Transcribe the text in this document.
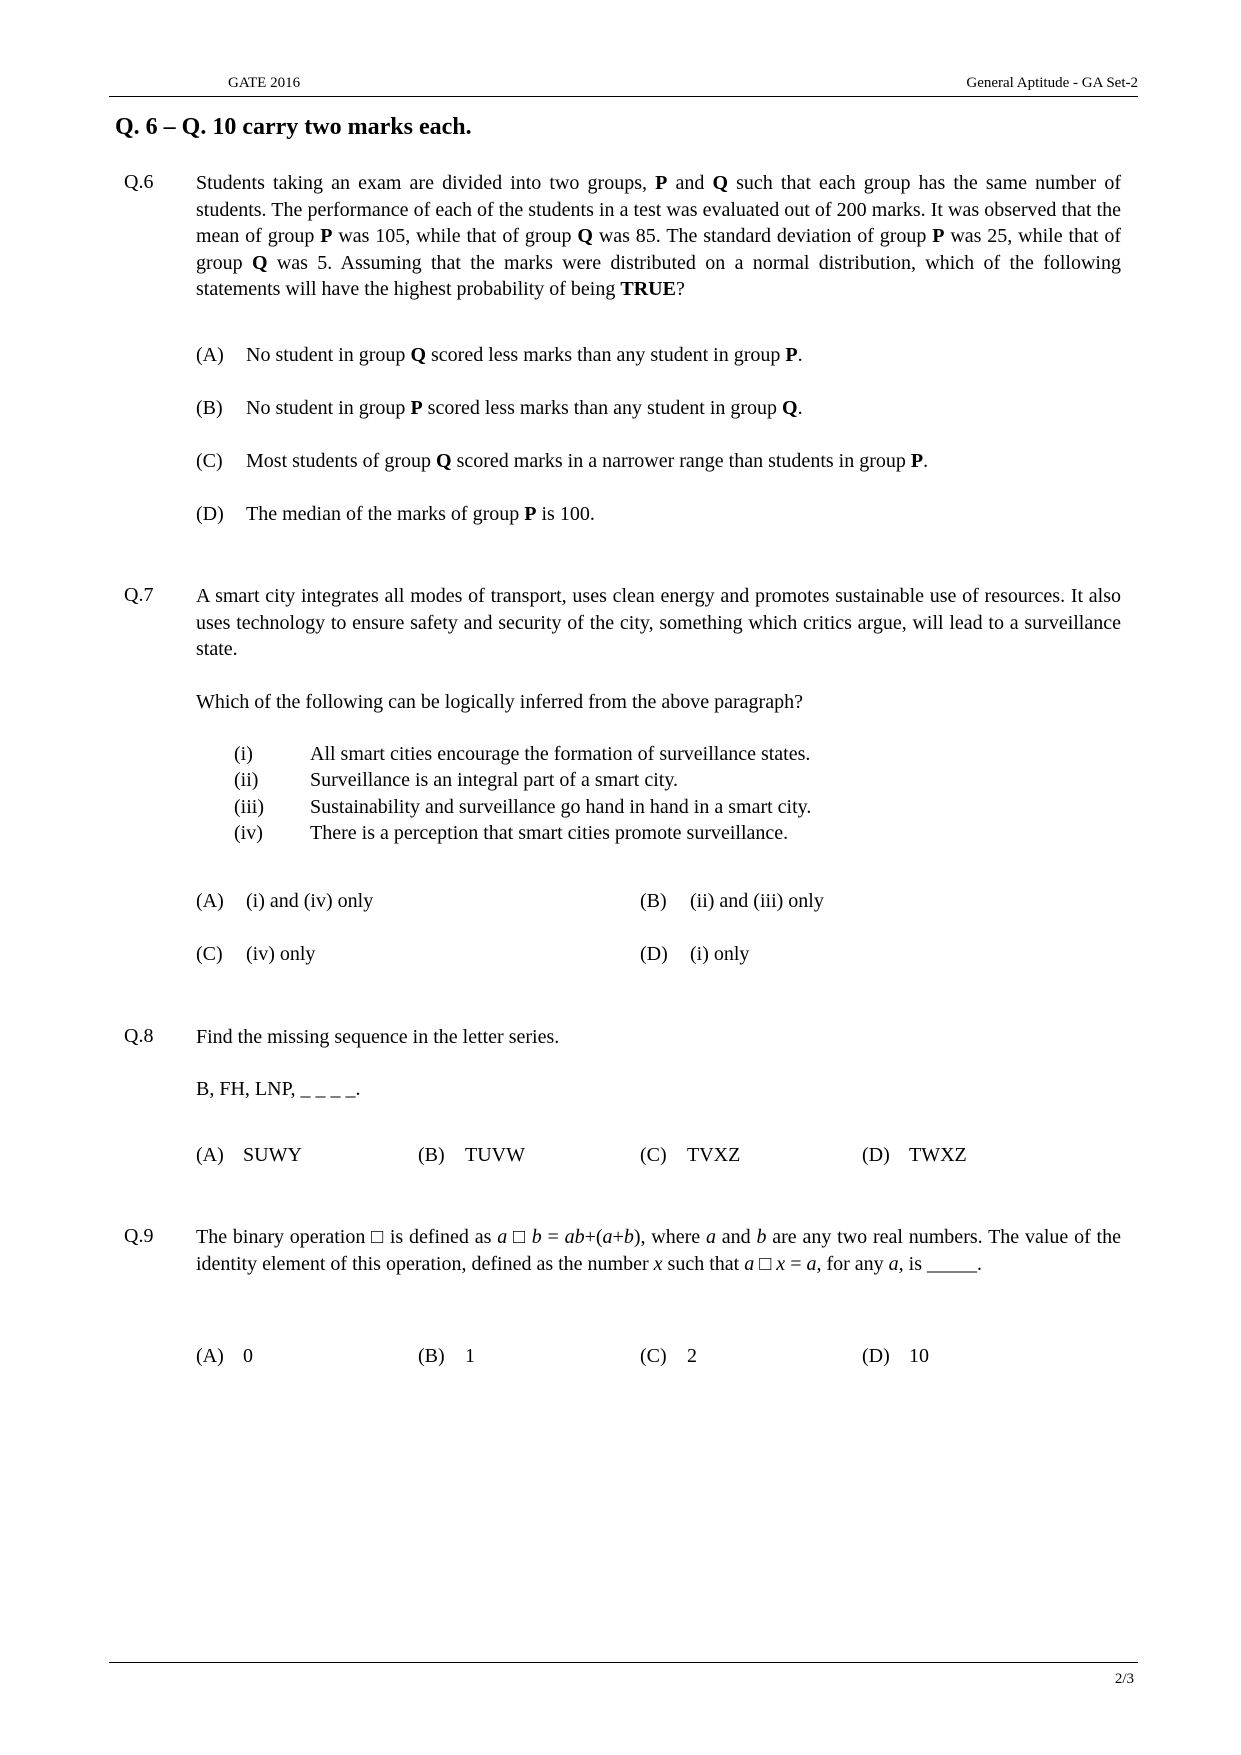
GATE 2016	General Aptitude - GA Set-2
Q. 6 – Q. 10 carry two marks each.
Q.6 Students taking an exam are divided into two groups, P and Q such that each group has the same number of students. The performance of each of the students in a test was evaluated out of 200 marks. It was observed that the mean of group P was 105, while that of group Q was 85. The standard deviation of group P was 25, while that of group Q was 5. Assuming that the marks were distributed on a normal distribution, which of the following statements will have the highest probability of being TRUE?
(A) No student in group Q scored less marks than any student in group P.
(B) No student in group P scored less marks than any student in group Q.
(C) Most students of group Q scored marks in a narrower range than students in group P.
(D) The median of the marks of group P is 100.
Q.7 A smart city integrates all modes of transport, uses clean energy and promotes sustainable use of resources. It also uses technology to ensure safety and security of the city, something which critics argue, will lead to a surveillance state.
Which of the following can be logically inferred from the above paragraph?
(i)	All smart cities encourage the formation of surveillance states.
(ii)	Surveillance is an integral part of a smart city.
(iii) Sustainability and surveillance go hand in hand in a smart city.
(iv) There is a perception that smart cities promote surveillance.
(A) (i) and (iv) only	(B) (ii) and (iii) only
(C) (iv) only	(D) (i) only
Q.8 Find the missing sequence in the letter series.
B, FH, LNP, _ _ _ _.
(A) SUWY	(B) TUVW	(C) TVXZ	(D) TWXZ
Q.9 The binary operation □ is defined as a □ b = ab+(a+b), where a and b are any two real numbers. The value of the identity element of this operation, defined as the number x such that a □ x = a, for any a, is _____.
(A) 0	(B) 1	(C) 2	(D) 10
2/3
